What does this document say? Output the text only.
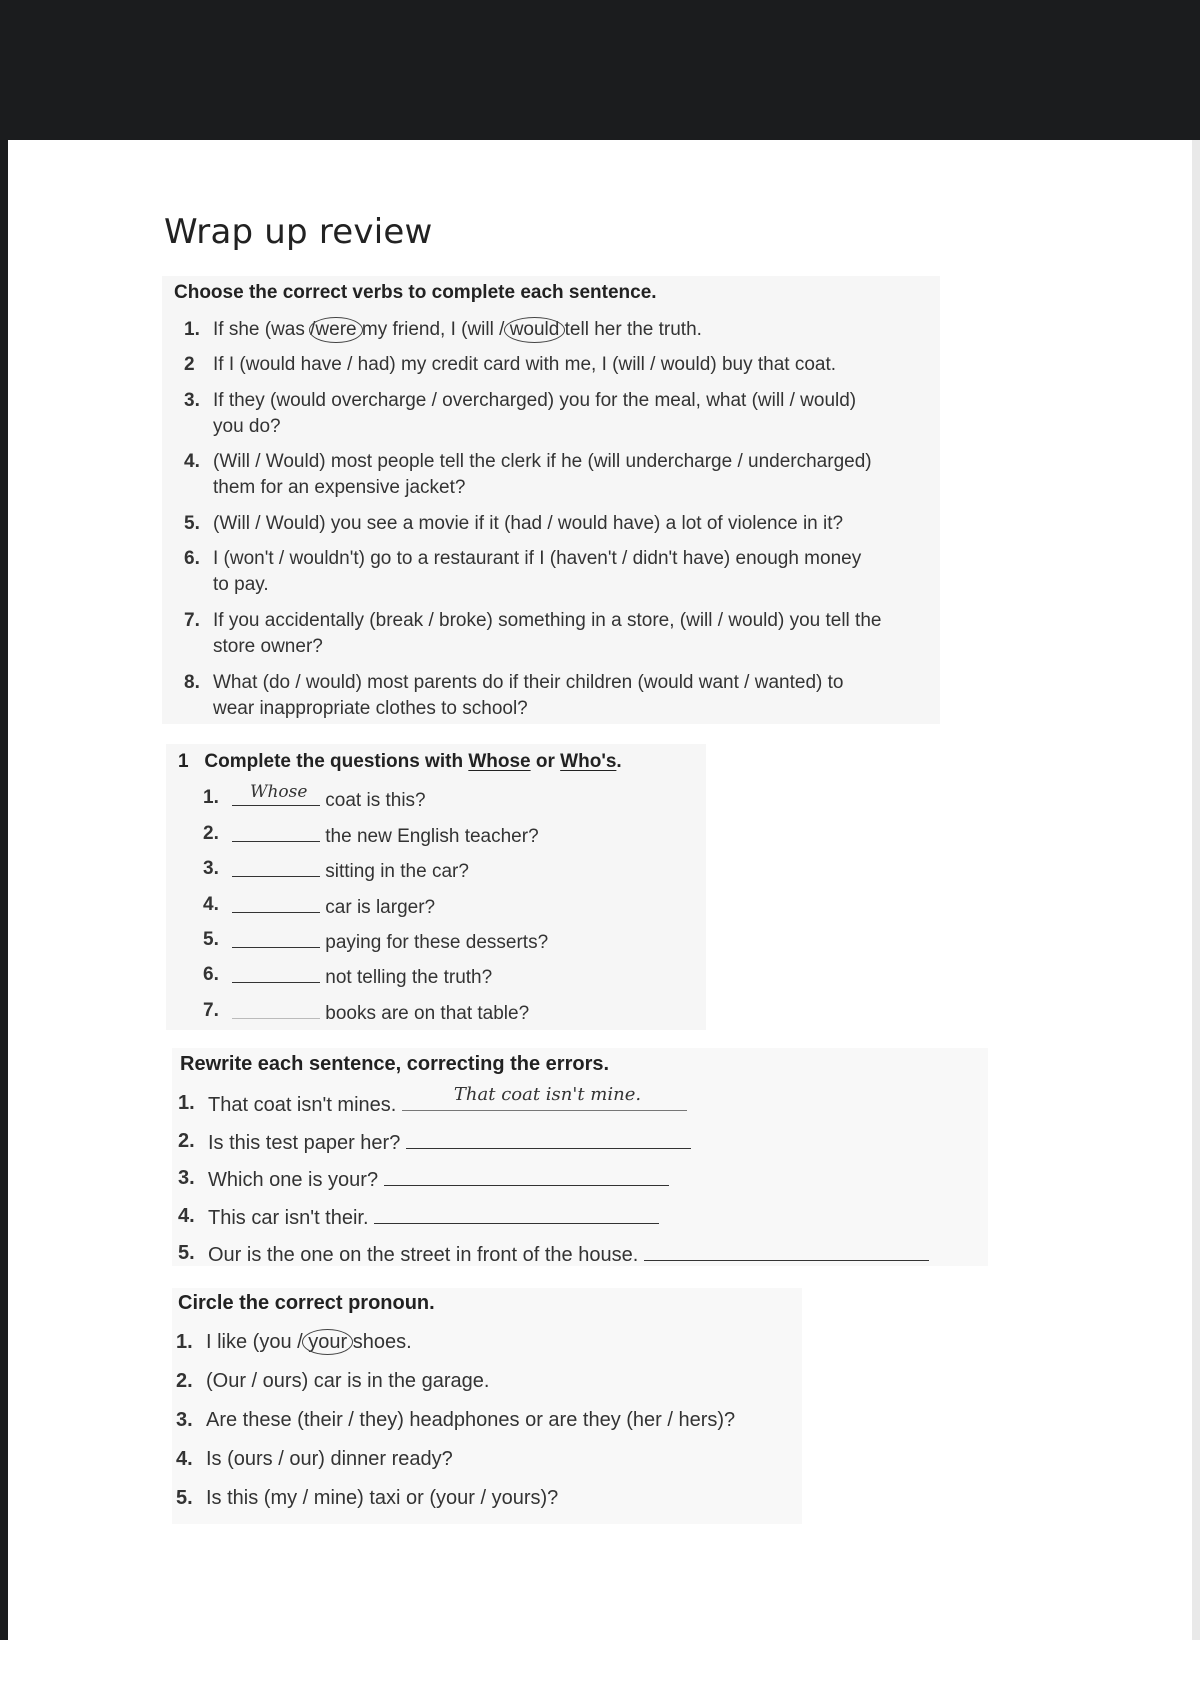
Wrap up review
Choose the correct verbs to complete each sentence.
1. If she (was /were my friend, I (will / would tell her the truth.
2 If I (would have / had) my credit card with me, I (will / would) buy that coat.
3. If they (would overcharge / overcharged) you for the meal, what (will / would)
you do?
4. (Will / Would) most people tell the clerk if he (will undercharge / undercharged)
them for an expensive jacket?
5. (Will / Would) you see a movie if it (had / would have) a lot of violence in it?
6. I (won't / wouldn't) go to a restaurant if I (haven't / didn't have) enough money
to pay.
7. If you accidentally (break / broke) something in a store, (will / would) you tell the
store owner?
8. What (do / would) most parents do if their children (would want / wanted) to
wear inappropriate clothes to school?
1 Complete the questions with Whose or Who's.
1. Whose coat is this?
2.	the new English teacher?
3.	sitting in the car?
4.	car is larger?
5.	paying for these desserts?
6.	not telling the truth?
7.	books are on that table?
Rewrite each sentence, correcting the errors.
1. That coat isn't mines.	That coat isn't mine.
2. Is this test paper her?
3. Which one is your?
4. This car isn't their.
5. Our is the one on the street in front of the house.
Circle the correct pronoun.
1. I like (you / your shoes.
2. (Our / ours) car is in the garage.
3. Are these (their / they) headphones or are they (her / hers)?
4. Is (ours / our) dinner ready?
5. Is this (my / mine) taxi or (your / yours)?
